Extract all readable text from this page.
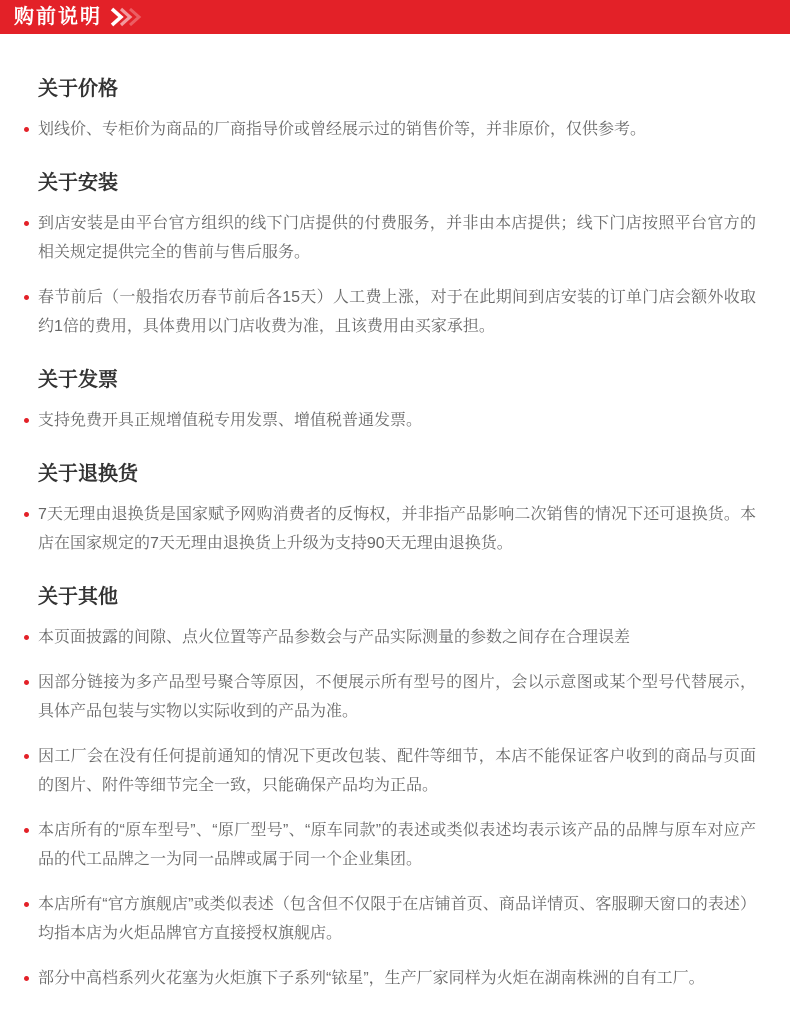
购前说明
关于价格

划线价、专柜价为商品的厂商指导价或曾经展示过的销售价等，并非原价，仅供参考。

关于安装

到店安装是由平台官方组织的线下门店提供的付费服务，并非由本店提供；线下门店按照平台官方的相关规定提供完全的售前与售后服务。

春节前后（一般指农历春节前后各15天）人工费上涨，对于在此期间到店安装的订单门店会额外收取约1倍的费用，具体费用以门店收费为准，且该费用由买家承担。

关于发票

支持免费开具正规增值税专用发票、增值税普通发票。

关于退换货

7天无理由退换货是国家赋予网购消费者的反悔权，并非指产品影响二次销售的情况下还可退换货。本店在国家规定的7天无理由退换货上升级为支持90天无理由退换货。

关于其他

本页面披露的间隙、点火位置等产品参数会与产品实际测量的参数之间存在合理误差

因部分链接为多产品型号聚合等原因，不便展示所有型号的图片，会以示意图或某个型号代替展示，具体产品包装与实物以实际收到的产品为准。

因工厂会在没有任何提前通知的情况下更改包装、配件等细节，本店不能保证客户收到的商品与页面的图片、附件等细节完全一致，只能确保产品均为正品。

本店所有的“原车型号”、“原厂型号”、“原车同款”的表述或类似表述均表示该产品的品牌与原车对应产品的代工品牌之一为同一品牌或属于同一个企业集团。

本店所有“官方旗舰店”或类似表述（包含但不仅限于在店铺首页、商品详情页、客服聊天窗口的表述）均指本店为火炬品牌官方直接授权旗舰店。

部分中高档系列火花塞为火炬旗下子系列“铱星”，生产厂家同样为火炬在湖南株洲的自有工厂。
